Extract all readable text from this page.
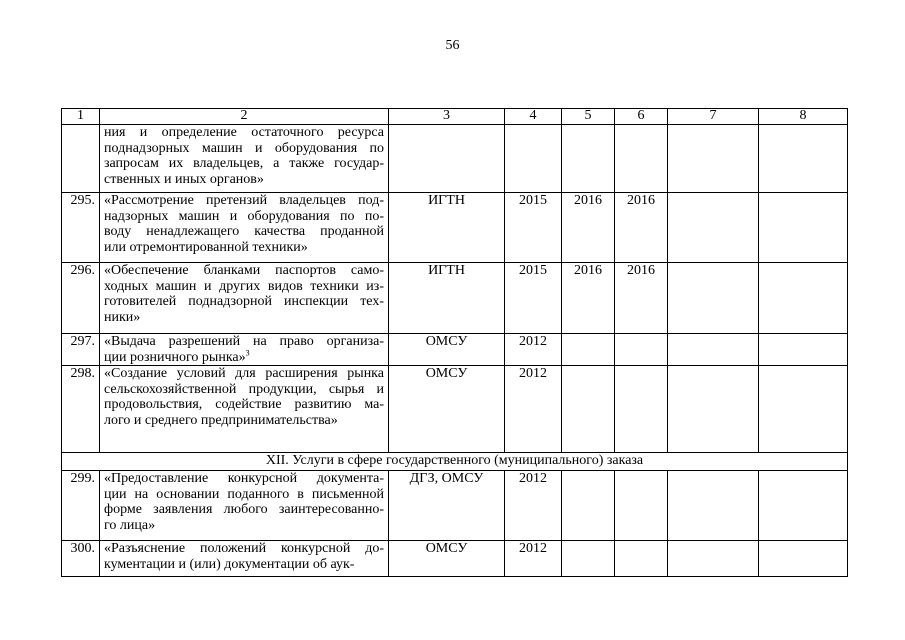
56
1	2	3	4	5	6	7	8

	ния и определение остаточного ресурса
поднадзорных машин и оборудования по
запросам их владельцев, а также государ-
ственных и иных органов»						

295.	«Рассмотрение претензий владельцев под-
надзорных машин и оборудования по по-
воду ненадлежащего качества проданной
или отремонтированной техники»	ИГТН	2015	2016	2016		
296.	«Обеспечение бланками паспортов само-
ходных машин и других видов техники из-
готовителей поднадзорной инспекции тех-
ники»	ИГТН	2015	2016	2016		
297.	«Выдача разрешений на право организа-
ции розничного рынка»$^3$	ОМСУ	2012				
298.	«Создание условий для расширения рынка
сельскохозяйственной продукции, сырья и
продовольствия, содействие развитию ма-
лого и среднего предпринимательства»	ОМСУ	2012				
XII. Услуги в сфере государственного (муниципального) заказа							
299.	«Предоставление конкурсной документа-
ции на основании поданного в письменной
форме заявления любого заинтересованно-
го лица»	ДГЗ, ОМСУ	2012				
300.	«Разъяснение положений конкурсной до-
кументации и (или) документации об аук-	ОМСУ	2012				
